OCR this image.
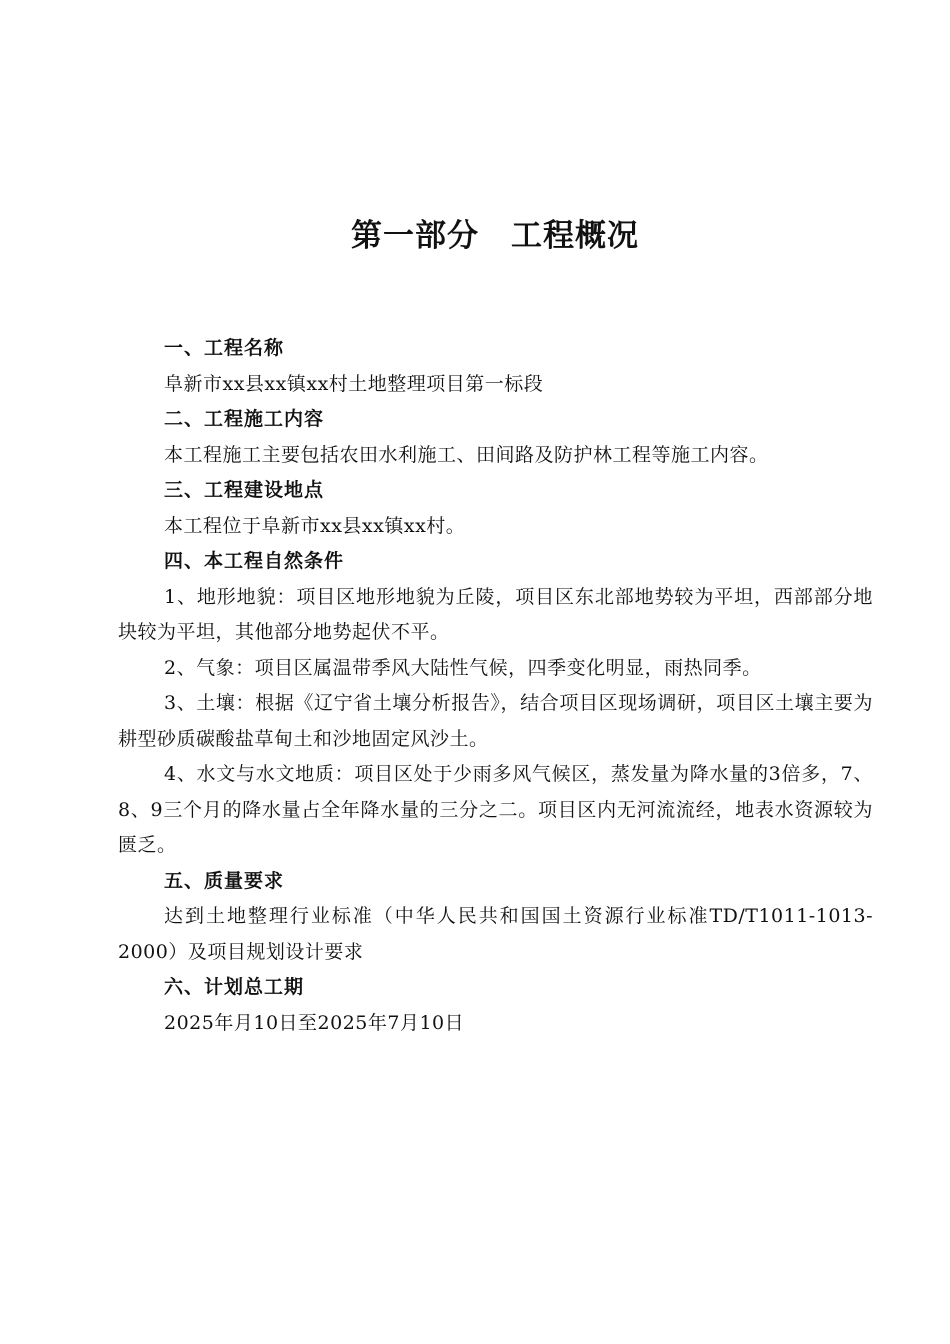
第一部分　工程概况
一、工程名称
阜新市xx县xx镇xx村土地整理项目第一标段
二、工程施工内容
本工程施工主要包括农田水利施工、田间路及防护林工程等施工内容。
三、工程建设地点
本工程位于阜新市xx县xx镇xx村。
四、本工程自然条件
1、地形地貌：项目区地形地貌为丘陵，项目区东北部地势较为平坦，西部部分地块较为平坦，其他部分地势起伏不平。
2、气象：项目区属温带季风大陆性气候，四季变化明显，雨热同季。
3、土壤：根据《辽宁省土壤分析报告》，结合项目区现场调研，项目区土壤主要为耕型砂质碳酸盐草甸土和沙地固定风沙土。
4、水文与水文地质：项目区处于少雨多风气候区，蒸发量为降水量的3倍多，7、8、9三个月的降水量占全年降水量的三分之二。项目区内无河流流经，地表水资源较为匮乏。
五、质量要求
达到土地整理行业标准（中华人民共和国国土资源行业标准TD/T1011-1013-2000）及项目规划设计要求
六、计划总工期
2025年月10日至2025年7月10日
